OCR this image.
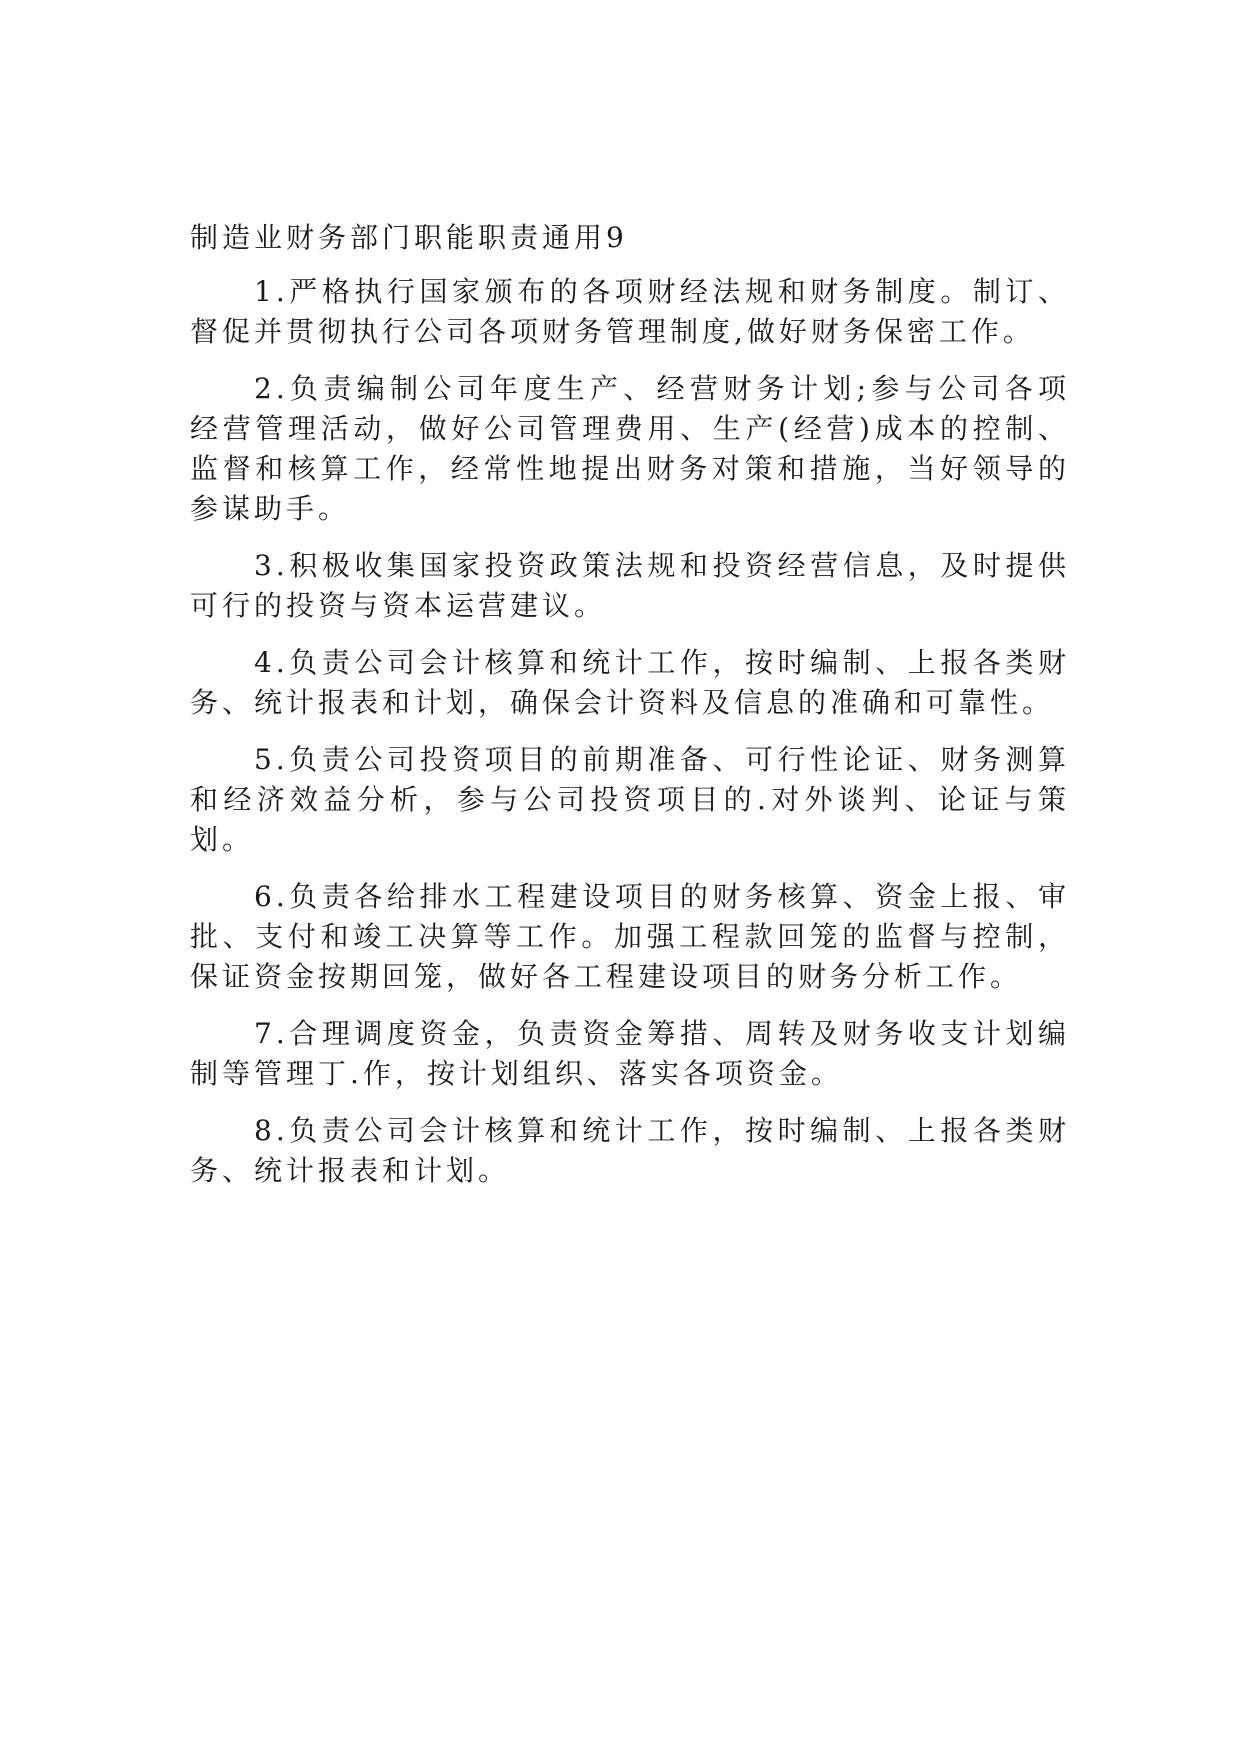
制造业财务部门职能职责通用9

1.严格执行国家颁布的各项财经法规和财务制度。制订、督促并贯彻执行公司各项财务管理制度,做好财务保密工作。

2.负责编制公司年度生产、经营财务计划;参与公司各项经营管理活动，做好公司管理费用、生产(经营)成本的控制、监督和核算工作，经常性地提出财务对策和措施，当好领导的参谋助手。

3.积极收集国家投资政策法规和投资经营信息，及时提供可行的投资与资本运营建议。

4.负责公司会计核算和统计工作，按时编制、上报各类财务、统计报表和计划，确保会计资料及信息的准确和可靠性。

5.负责公司投资项目的前期准备、可行性论证、财务测算和经济效益分析，参与公司投资项目的.对外谈判、论证与策划。

6.负责各给排水工程建设项目的财务核算、资金上报、审批、支付和竣工决算等工作。加强工程款回笼的监督与控制，保证资金按期回笼，做好各工程建设项目的财务分析工作。

7.合理调度资金，负责资金筹措、周转及财务收支计划编制等管理丁.作，按计划组织、落实各项资金。

8.负责公司会计核算和统计工作，按时编制、上报各类财务、统计报表和计划。
